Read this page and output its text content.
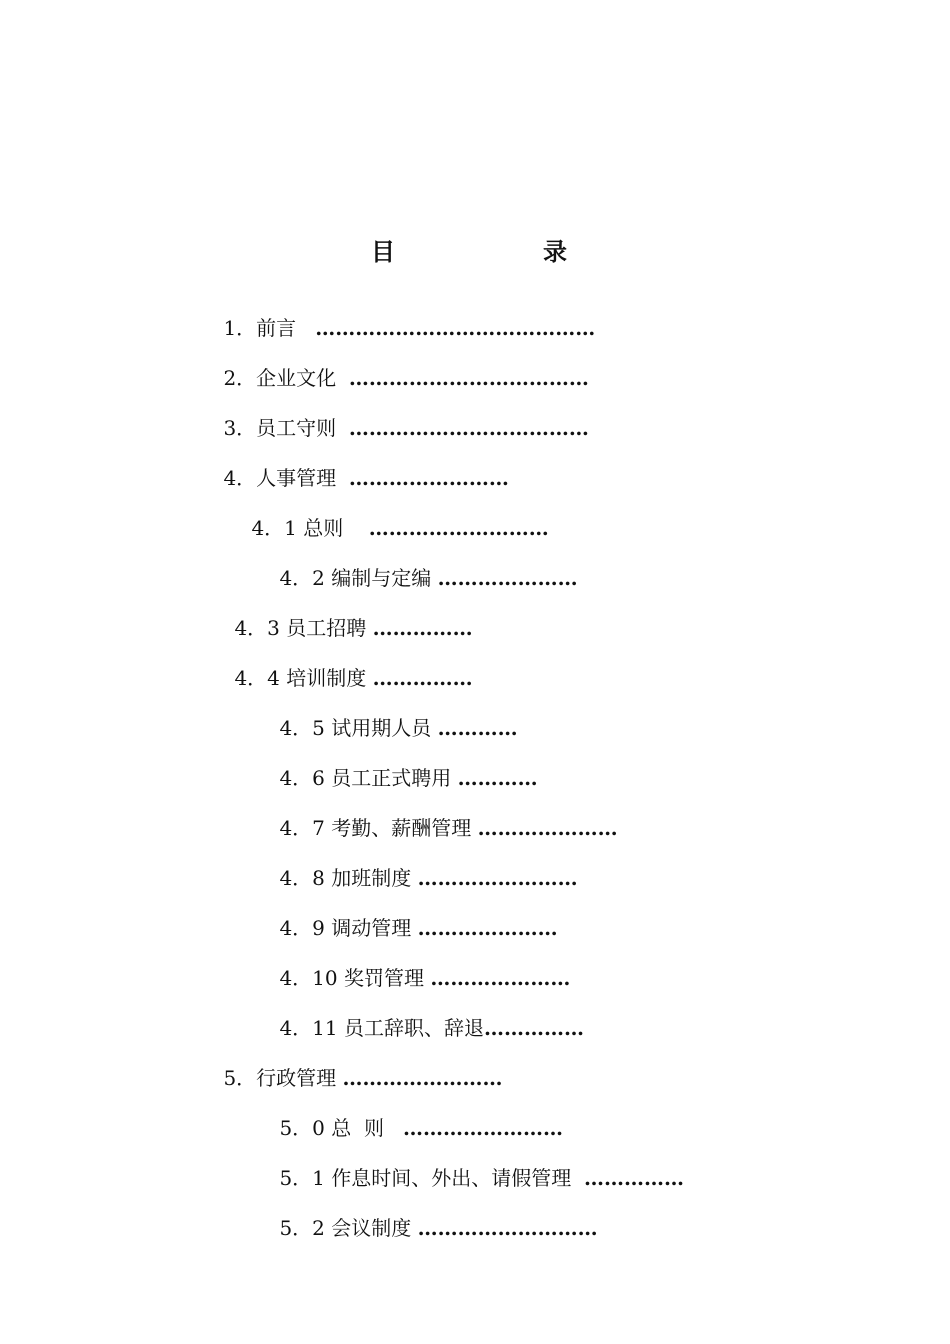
目　录

1．前言 ……………………………………

2．企业文化 ………………………………

3．员工守则 ………………………………

4．人事管理 ……………………

4．1 总则 ………………………

4．2 编制与定编 …………………

4．3 员工招聘 ……………

4．4 培训制度 ……………

4．5 试用期人员 …………

4．6 员工正式聘用 …………

4．7 考勤、薪酬管理 …………………

4．8 加班制度 ……………………

4．9 调动管理 …………………

4．10 奖罚管理 …………………

4．11 员工辞职、辞退……………

5．行政管理 ……………………

5．0 总  则 ……………………

5．1 作息时间、外出、请假管理 ……………

5．2 会议制度 ………………………
